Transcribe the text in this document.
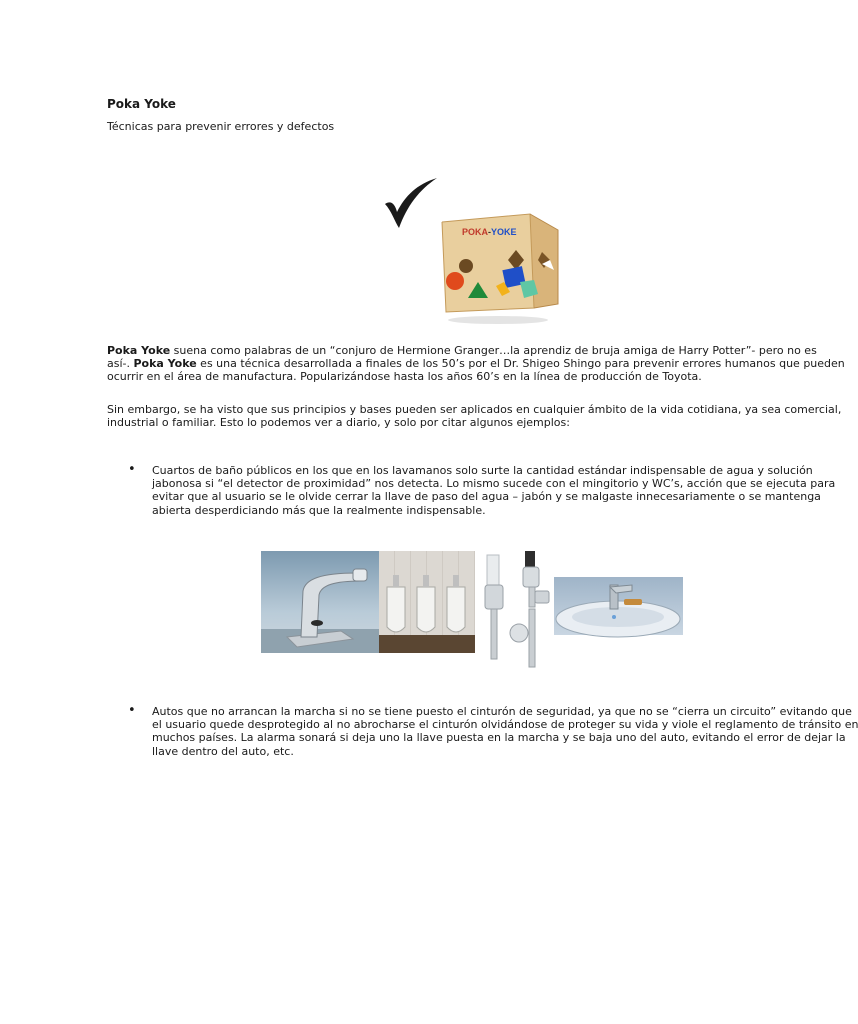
Poka Yoke
Técnicas para prevenir errores y defectos
POKA-YOKE
Poka Yoke suena como palabras de un “conjuro de Hermione Granger…la aprendiz de bruja amiga de Harry Potter”- pero no es
así-. Poka Yoke es una técnica desarrollada a finales de los 50’s por el Dr. Shigeo Shingo para prevenir errores humanos que pueden
ocurrir en el área de manufactura. Popularizándose hasta los años 60’s en la línea de producción de Toyota.
Sin embargo, se ha visto que sus principios y bases pueden ser aplicados en cualquier ámbito de la vida cotidiana, ya sea comercial,
industrial o familiar. Esto lo podemos ver a diario, y solo por citar algunos ejemplos:
• Cuartos de baño públicos en los que en los lavamanos solo surte la cantidad estándar indispensable de agua y solución
jabonosa si “el detector de proximidad” nos detecta. Lo mismo sucede con el mingitorio y WC’s, acción que se ejecuta para
evitar que al usuario se le olvide cerrar la llave de paso del agua – jabón y se malgaste innecesariamente o se mantenga
abierta desperdiciando más que la realmente indispensable.
• Autos que no arrancan la marcha si no se tiene puesto el cinturón de seguridad, ya que no se “cierra un circuito” evitando que
el usuario quede desprotegido al no abrocharse el cinturón olvidándose de proteger su vida y viole el reglamento de tránsito en
muchos países. La alarma sonará si deja uno la llave puesta en la marcha y se baja uno del auto, evitando el error de dejar la
llave dentro del auto, etc.
